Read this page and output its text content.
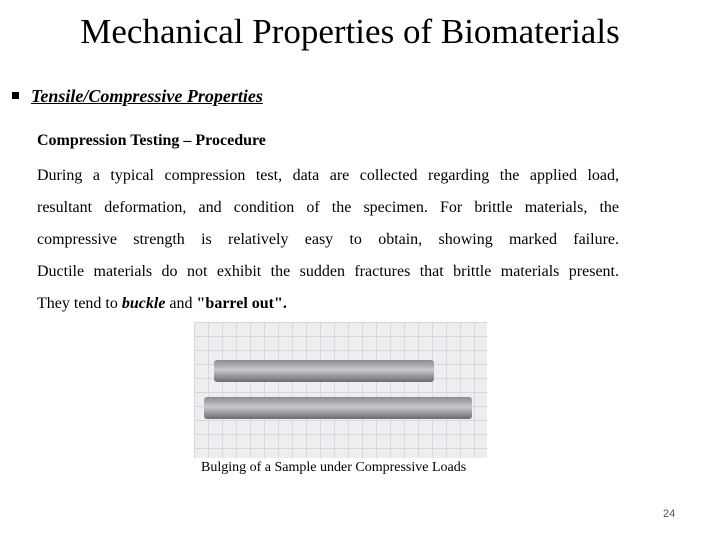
Mechanical Properties of Biomaterials
Tensile/Compressive Properties
Compression Testing – Procedure
During a typical compression test, data are collected regarding the applied load,
resultant deformation, and condition of the specimen. For brittle materials, the
compressive strength is relatively easy to obtain, showing marked failure.
Ductile materials do not exhibit the sudden fractures that brittle materials present.
They tend to buckle and "barrel out".
Bulging of a Sample under Compressive Loads
24
